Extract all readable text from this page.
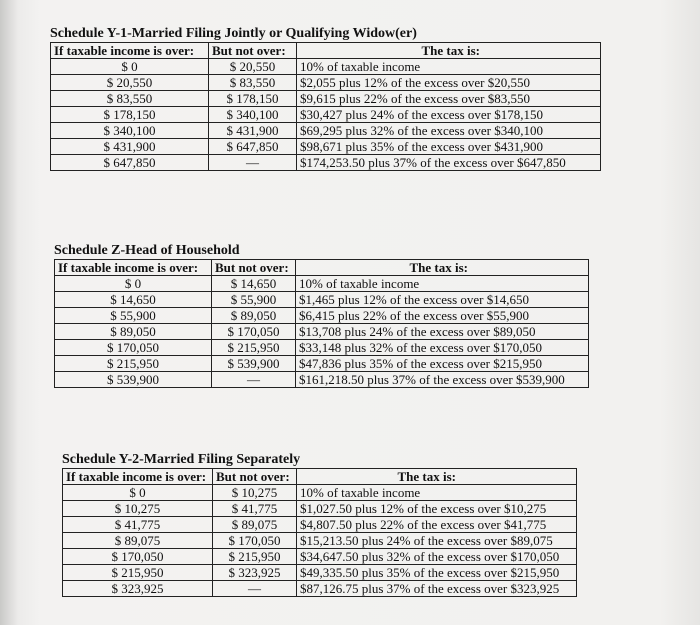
Schedule Y-1-Married Filing Jointly or Qualifying Widow(er)
If taxable income is over:	But not over:	The tax is:
$ 0	$ 20,550	10% of taxable income
$ 20,550	$ 83,550	$2,055 plus 12% of the excess over $20,550
$ 83,550	$ 178,150	$9,615 plus 22% of the excess over $83,550
$ 178,150	$ 340,100	$30,427 plus 24% of the excess over $178,150
$ 340,100	$ 431,900	$69,295 plus 32% of the excess over $340,100
$ 431,900	$ 647,850	$98,671 plus 35% of the excess over $431,900
$ 647,850	—	$174,253.50 plus 37% of the excess over $647,850
Schedule Z-Head of Household
If taxable income is over:	But not over:	The tax is:
$ 0	$ 14,650	10% of taxable income
$ 14,650	$ 55,900	$1,465 plus 12% of the excess over $14,650
$ 55,900	$ 89,050	$6,415 plus 22% of the excess over $55,900
$ 89,050	$ 170,050	$13,708 plus 24% of the excess over $89,050
$ 170,050	$ 215,950	$33,148 plus 32% of the excess over $170,050
$ 215,950	$ 539,900	$47,836 plus 35% of the excess over $215,950
$ 539,900	—	$161,218.50 plus 37% of the excess over $539,900
Schedule Y-2-Married Filing Separately
If taxable income is over:	But not over:	The tax is:
$ 0	$ 10,275	10% of taxable income
$ 10,275	$ 41,775	$1,027.50 plus 12% of the excess over $10,275
$ 41,775	$ 89,075	$4,807.50 plus 22% of the excess over $41,775
$ 89,075	$ 170,050	$15,213.50 plus 24% of the excess over $89,075
$ 170,050	$ 215,950	$34,647.50 plus 32% of the excess over $170,050
$ 215,950	$ 323,925	$49,335.50 plus 35% of the excess over $215,950
$ 323,925	—	$87,126.75 plus 37% of the excess over $323,925
